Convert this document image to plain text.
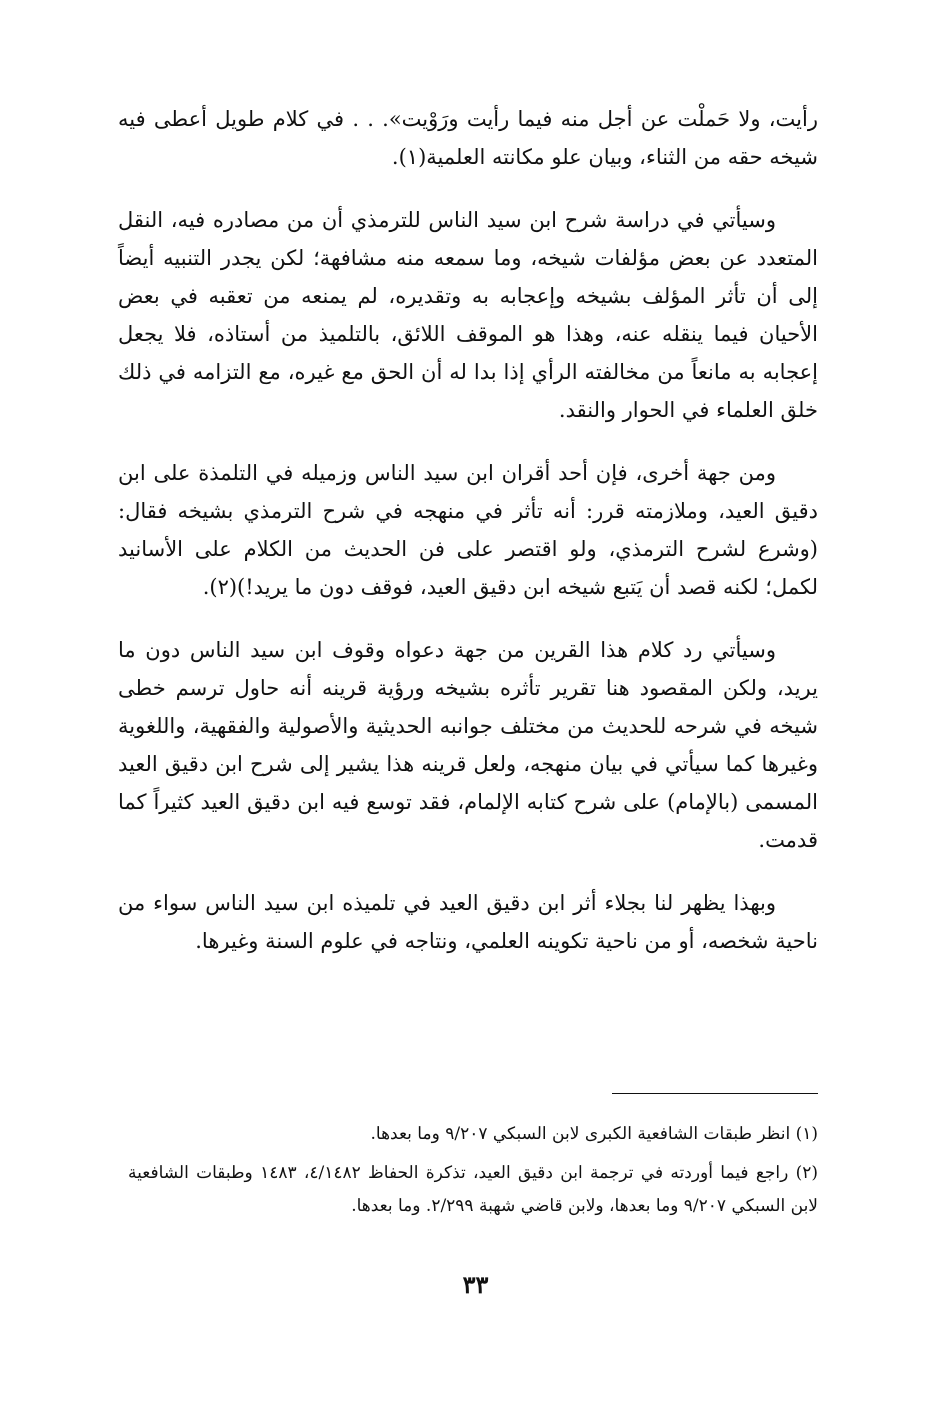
رأيت، ولا حَملْت عن أجل منه فيما رأيت ورَوْيت». . . في كلام طويل أعطى فيه شيخه حقه من الثناء، وبيان علو مكانته العلمية(١).

وسيأتي في دراسة شرح ابن سيد الناس للترمذي أن من مصادره فيه، النقل المتعدد عن بعض مؤلفات شيخه، وما سمعه منه مشافهة؛ لكن يجدر التنبيه أيضاً إلى أن تأثر المؤلف بشيخه وإعجابه به وتقديره، لم يمنعه من تعقبه في بعض الأحيان فيما ينقله عنه، وهذا هو الموقف اللائق، بالتلميذ من أستاذه، فلا يجعل إعجابه به مانعاً من مخالفته الرأي إذا بدا له أن الحق مع غيره، مع التزامه في ذلك خلق العلماء في الحوار والنقد.

ومن جهة أخرى، فإن أحد أقران ابن سيد الناس وزميله في التلمذة على ابن دقيق العيد، وملازمته قرر: أنه تأثر في منهجه في شرح الترمذي بشيخه فقال: (وشرع لشرح الترمذي، ولو اقتصر على فن الحديث من الكلام على الأسانيد لكمل؛ لكنه قصد أن يَتبع شيخه ابن دقيق العيد، فوقف دون ما يريد!)(٢).

وسيأتي رد كلام هذا القرين من جهة دعواه وقوف ابن سيد الناس دون ما يريد، ولكن المقصود هنا تقرير تأثره بشيخه ورؤية قرينه أنه حاول ترسم خطى شيخه في شرحه للحديث من مختلف جوانبه الحديثية والأصولية والفقهية، واللغوية وغيرها كما سيأتي في بيان منهجه، ولعل قرينه هذا يشير إلى شرح ابن دقيق العيد المسمى (بالإمام) على شرح كتابه الإلمام، فقد توسع فيه ابن دقيق العيد كثيراً كما قدمت.

وبهذا يظهر لنا بجلاء أثر ابن دقيق العيد في تلميذه ابن سيد الناس سواء من ناحية شخصه، أو من ناحية تكوينه العلمي، ونتاجه في علوم السنة وغيرها.

(١) انظر طبقات الشافعية الكبرى لابن السبكي ٩/٢٠٧ وما بعدها.

(٢) راجع فيما أوردته في ترجمة ابن دقيق العيد، تذكرة الحفاظ ٤/١٤٨٢، ١٤٨٣ وطبقات الشافعية لابن السبكي ٩/٢٠٧ وما بعدها، ولابن قاضي شهبة ٢/٢٩٩. وما بعدها.

٣٣
